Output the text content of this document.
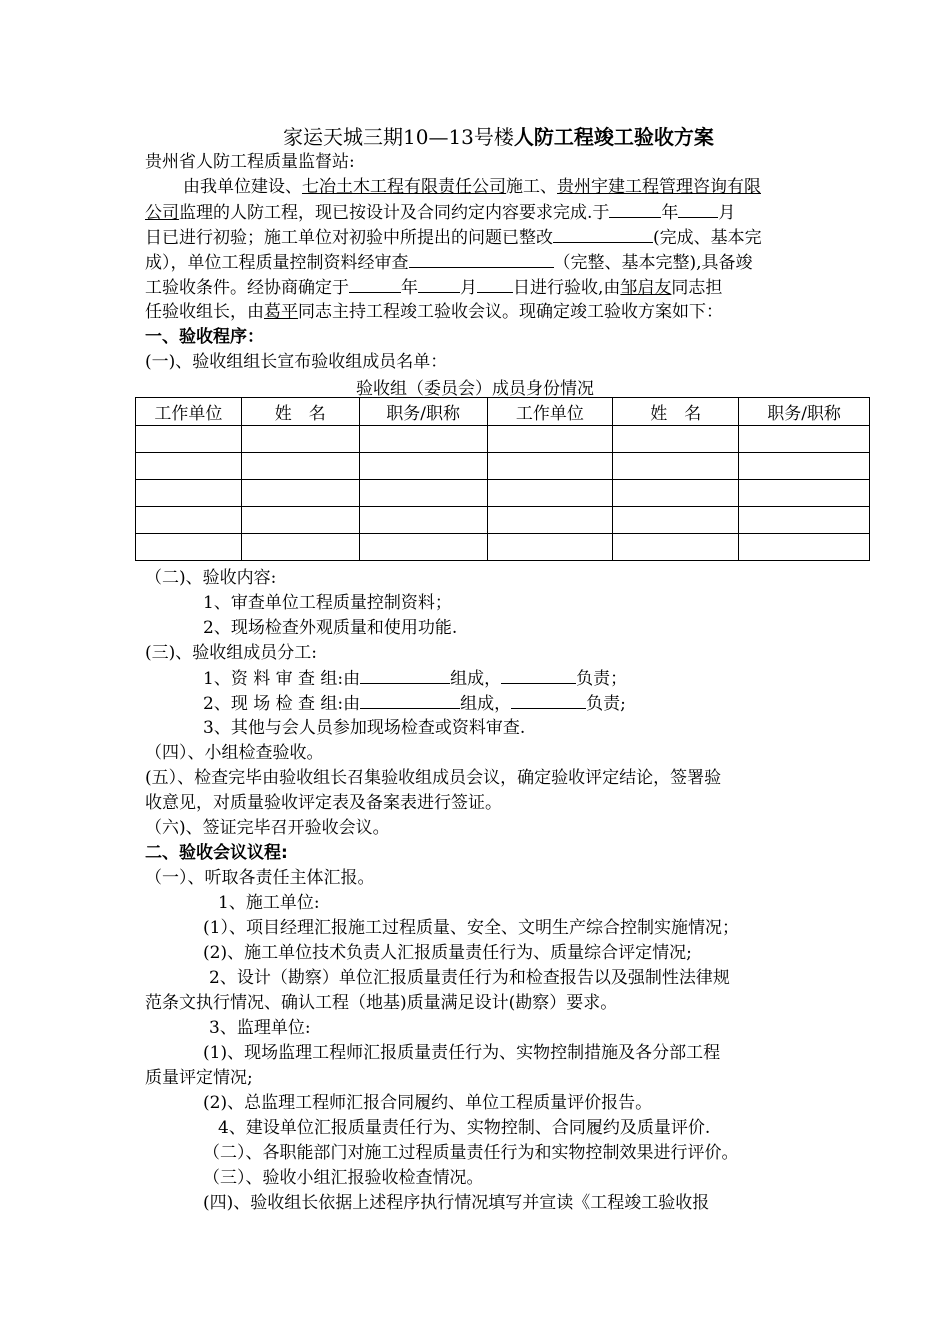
家运天城三期10—13号楼人防工程竣工验收方案
贵州省人防工程质量监督站:
由我单位建设、七冶土木工程有限责任公司施工、贵州宇建工程管理咨询有限
公司监理的人防工程，现已按设计及合同约定内容要求完成.于	年 月
日已进行初验；施工单位对初验中所提出的问题已整改	(完成、基本完
成），单位工程质量控制资料经审查	（完整、基本完整),具备竣
工验收条件。经协商确定于	年 月 日进行验收,由邹启友同志担
任验收组长，由葛平同志主持工程竣工验收会议。现确定竣工验收方案如下：
一、验收程序：
(一)、验收组组长宣布验收组成员名单：
验收组（委员会）成员身份情况
工作单位	姓　名	职务/职称	工作单位	姓　名	职务/职称

（二)、验收内容:
1、审查单位工程质量控制资料；
2、现场检查外观质量和使用功能.
(三)、验收组成员分工:
1、资 料 审 查 组:由	组成，	负责；
2、现 场 检 查 组:由	组成，	负责;
3、其他与会人员参加现场检查或资料审查.
（四）、小组检查验收。
(五）、检查完毕由验收组长召集验收组成员会议，确定验收评定结论，签署验
收意见，对质量验收评定表及备案表进行签证。
（六)、签证完毕召开验收会议。
二、验收会议议程:
（一）、听取各责任主体汇报。
1、施工单位:
(1）、项目经理汇报施工过程质量、安全、文明生产综合控制实施情况；
(2)、施工单位技术负责人汇报质量责任行为、质量综合评定情况;
2、设计（勘察）单位汇报质量责任行为和检查报告以及强制性法律规
范条文执行情况、确认工程（地基)质量满足设计(勘察）要求。
3、监理单位:
(1)、现场监理工程师汇报质量责任行为、实物控制措施及各分部工程
质量评定情况;
(2)、总监理工程师汇报合同履约、单位工程质量评价报告。
4、建设单位汇报质量责任行为、实物控制、合同履约及质量评价.
（二）、各职能部门对施工过程质量责任行为和实物控制效果进行评价。
（三）、验收小组汇报验收检查情况。
(四)、验收组长依据上述程序执行情况填写并宣读《工程竣工验收报
